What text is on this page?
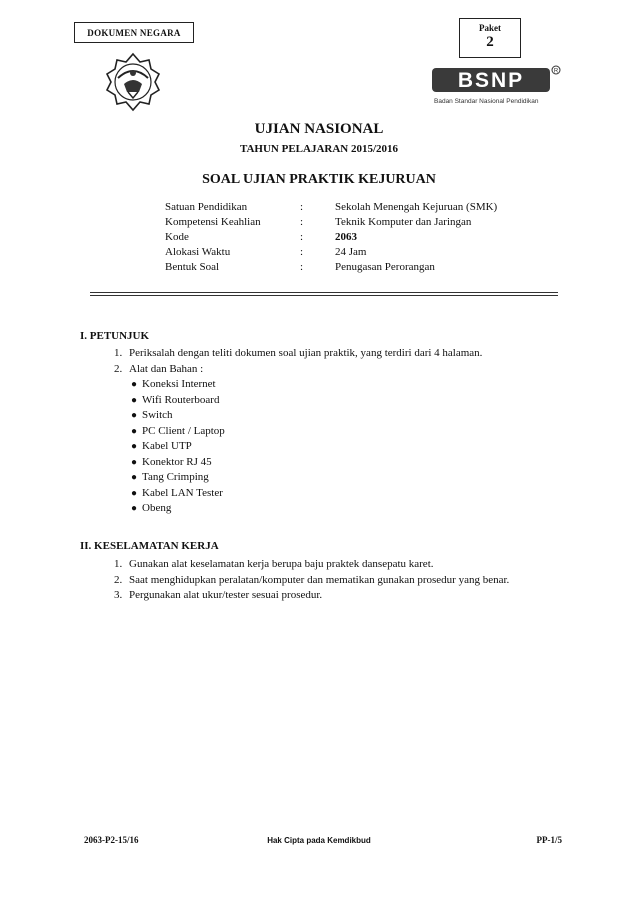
DOKUMEN NEGARA	Paket
2
BSNP	R
Badan Standar Nasional Pendidikan
UJIAN NASIONAL
TAHUN PELAJARAN 2015/2016
SOAL UJIAN PRAKTIK KEJURUAN
Satuan Pendidikan	:	Sekolah Menengah Kejuruan (SMK)
Kompetensi Keahlian	:	Teknik Komputer dan Jaringan
Kode	:	2063
Alokasi Waktu	:	24 Jam
Bentuk Soal	:	Penugasan Perorangan
I. PETUNJUK
1. Periksalah dengan teliti dokumen soal ujian praktik, yang terdiri dari 4 halaman.
2. Alat dan Bahan :
● Koneksi Internet
● Wifi Routerboard
● Switch
● PC Client / Laptop
● Kabel UTP
● Konektor RJ 45
● Tang Crimping
● Kabel LAN Tester
● Obeng
II. KESELAMATAN KERJA
1. Gunakan alat keselamatan kerja berupa baju praktek dansepatu karet.
2. Saat menghidupkan peralatan/komputer dan mematikan gunakan prosedur yang benar.
3. Pergunakan alat ukur/tester sesuai prosedur.
2063-P2-15/16	Hak Cipta pada Kemdikbud	PP-1/5
